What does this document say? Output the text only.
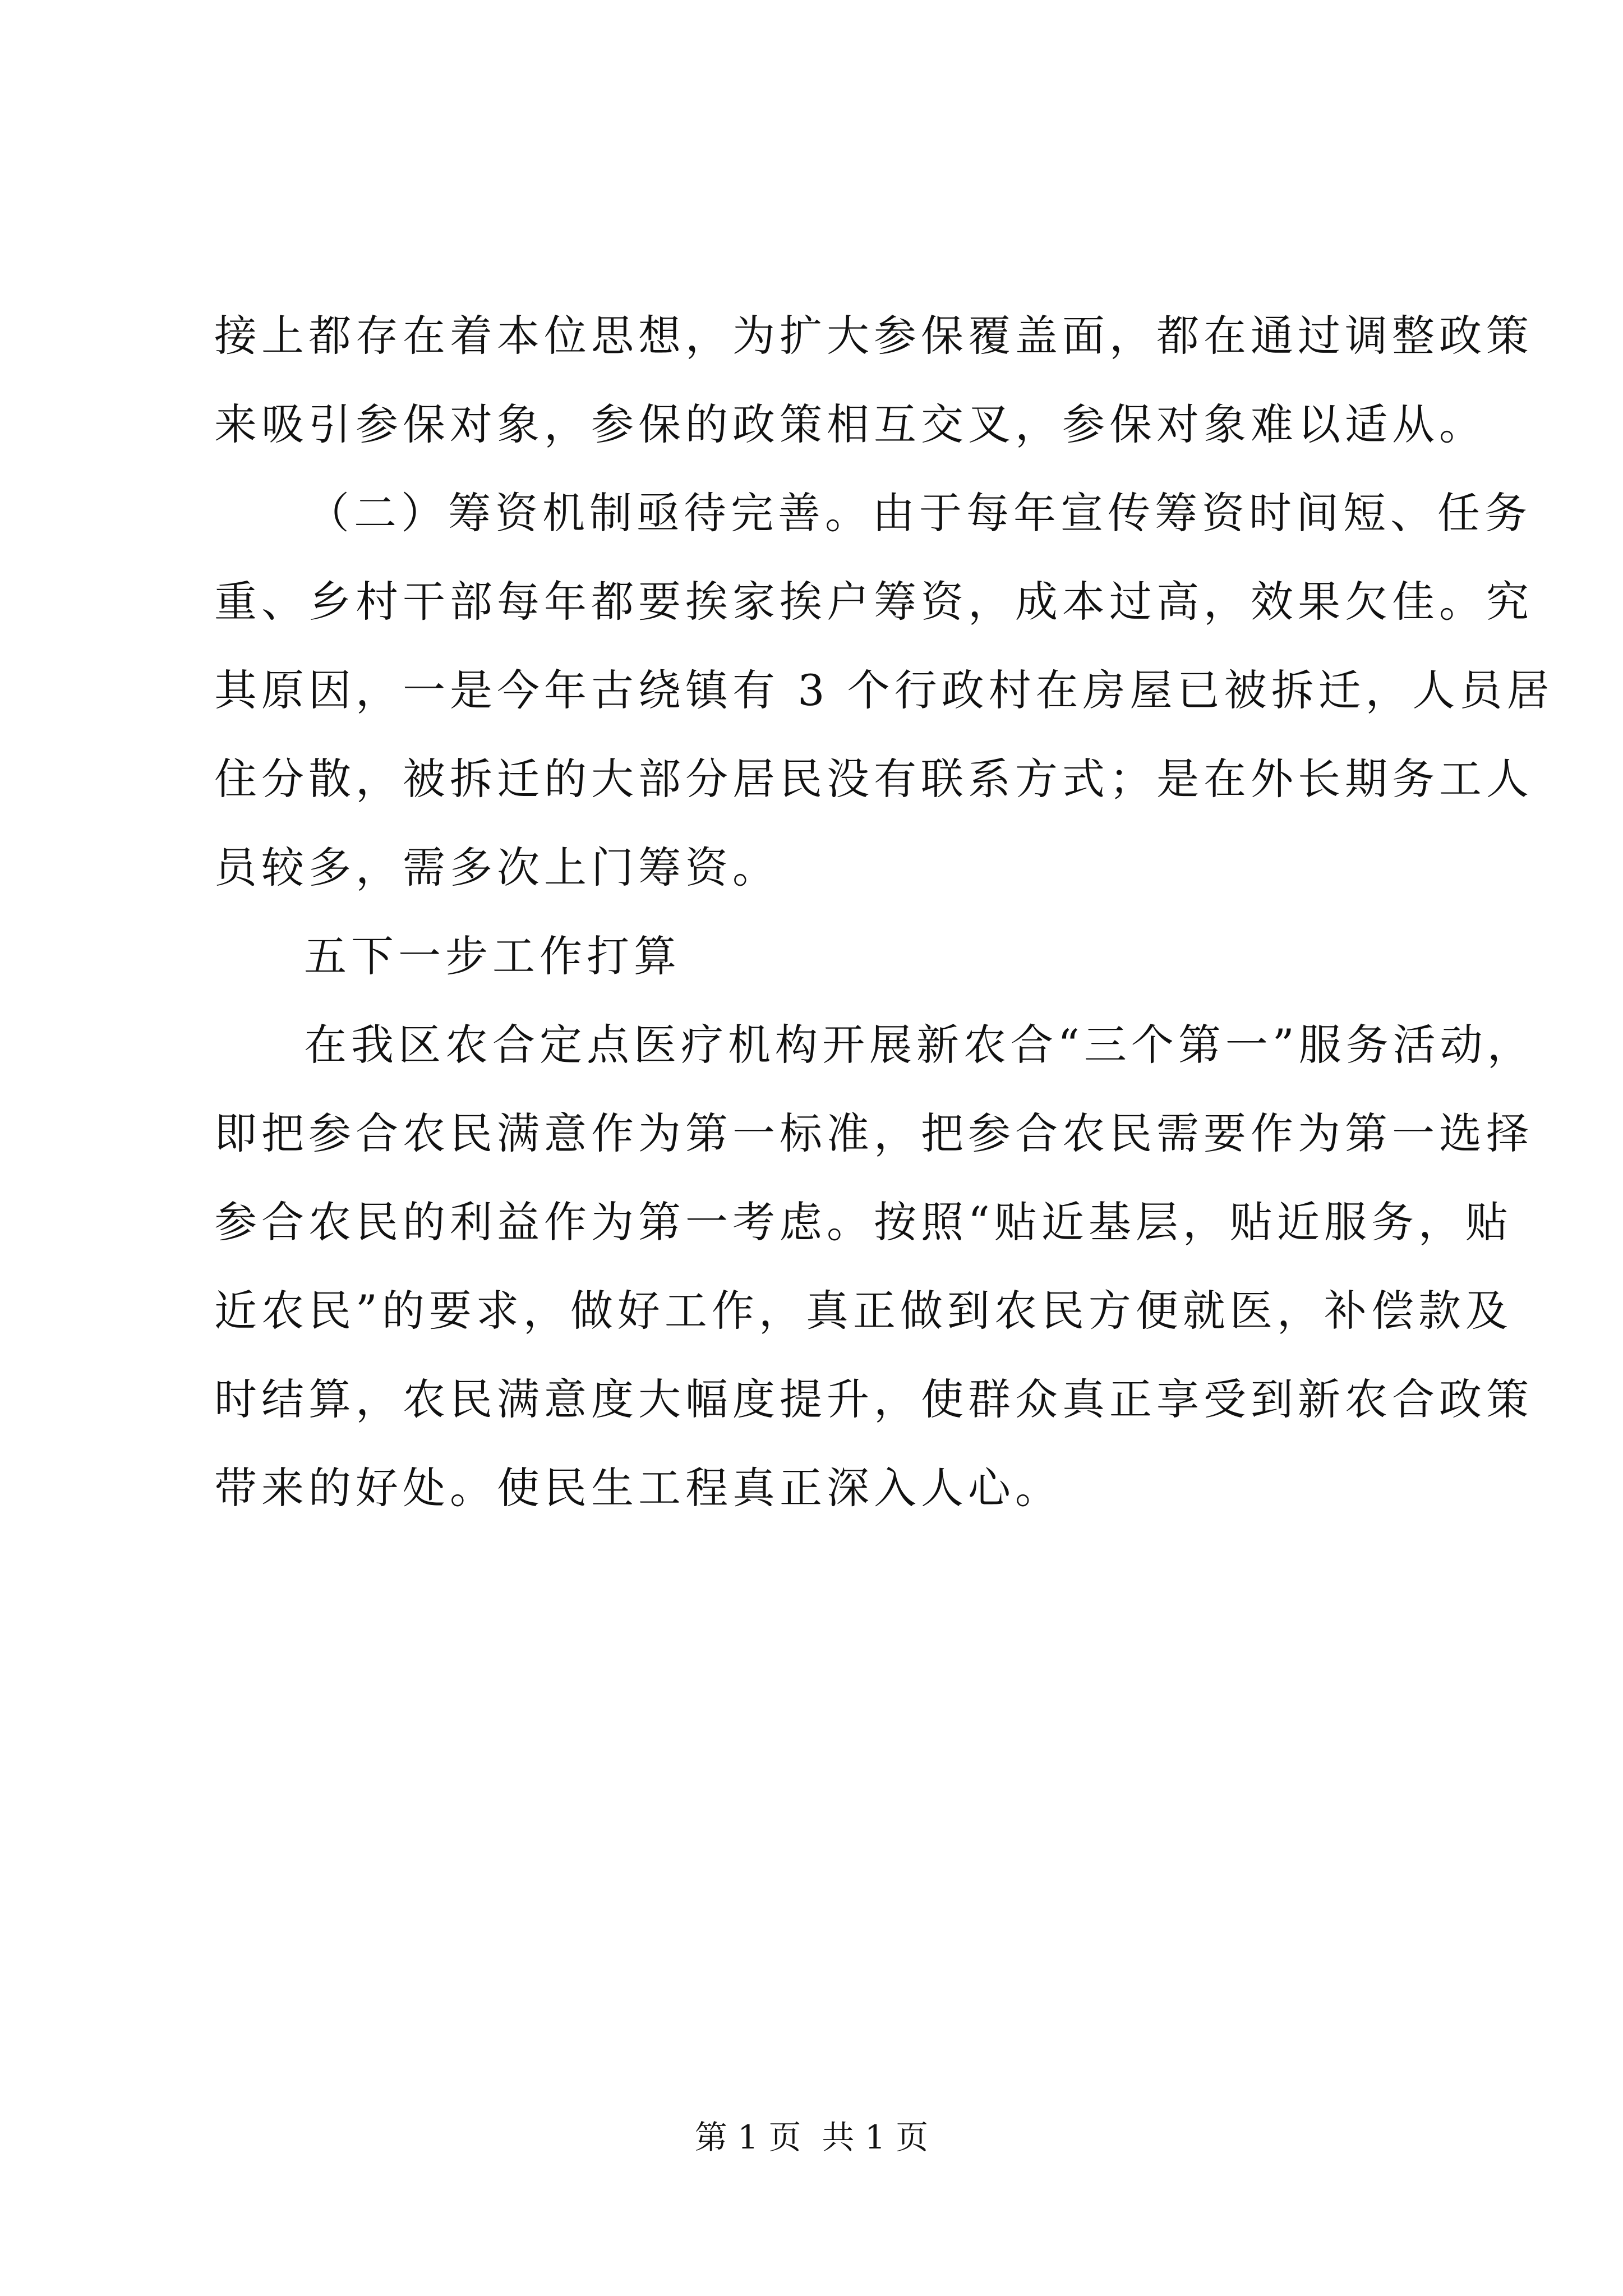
接上都存在着本位思想，为扩大参保覆盖面，都在通过调整政策
来吸引参保对象，参保的政策相互交叉，参保对象难以适从。
（二）筹资机制亟待完善。由于每年宣传筹资时间短、任务
重、乡村干部每年都要挨家挨户筹资，成本过高，效果欠佳。究
其原因，一是今年古绕镇有 3 个行政村在房屋已被拆迁，人员居
住分散，被拆迁的大部分居民没有联系方式；是在外长期务工人
员较多，需多次上门筹资。
五下一步工作打算
在我区农合定点医疗机构开展新农合“三个第一”服务活动，
即把参合农民满意作为第一标准，把参合农民需要作为第一选择
参合农民的利益作为第一考虑。按照“贴近基层，贴近服务，贴
近农民”的要求，做好工作，真正做到农民方便就医，补偿款及
时结算，农民满意度大幅度提升，使群众真正享受到新农合政策
带来的好处。使民生工程真正深入人心。
第 1 页  共 1 页
